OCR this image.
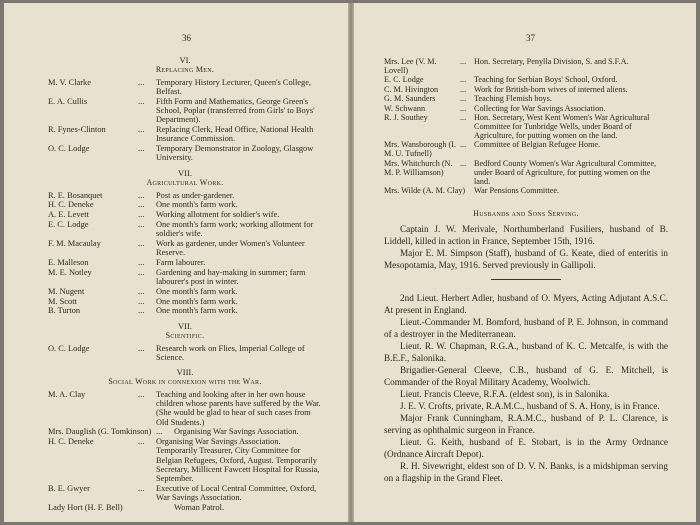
36
VI.
Replacing Men.
M. V. Clarke	...	Temporary History Lecturer, Queen's College, Belfast.
E. A. Cullis	...	Fifth Form and Mathematics, George Green's School, Poplar (transferred from Girls' to Boys' Department).
R. Fynes-Clinton	...	Replacing Clerk, Head Office, National Health Insurance Commission.
O. C. Lodge	...	Temporary Demonstrator in Zoology, Glasgow University.
VII.
Agricultural Work.
R. E. Bosanquet	...	Post as under-gardener.
H. C. Deneke	...	One month's farm work.
A. E. Levett	...	Working allotment for soldier's wife.
E. C. Lodge	...	One month's farm work; working allotment for soldier's wife.
F. M. Macaulay	...	Work as gardener, under Women's Volunteer Reserve.
E. Malleson	...	Farm labourer.
M. E. Notley	...	Gardening and hay-making in summer; farm labourer's post in winter.
M. Nugent	...	One month's farm work.
M. Scott	...	One month's farm work.
B. Turton	...	One month's farm work.
VII.
Scientific.
O. C. Lodge	...	Research work on Flies, Imperial College of Science.
VIII.
Social Work in connexion with the War.
M. A. Clay	...	Teaching and looking after in her own house children whose parents have suffered by the War. (She would be glad to hear of such cases from Old Students.)
Mrs. Dauglish (G. Tomkinson) ...	Organising War Savings Association.
H. C. Deneke	...	Organising War Savings Association. Temporarily Treasurer, City Committee for Belgian Refugees, Oxford, August. Temporarily Secretary, Millicent Fawcett Hospital for Russia, September.
B. E. Gwyer	...	Executive of Local Central Committee, Oxford, War Savings Association.
Lady Hort (H. F. Bell)	Woman Patrol.
37
Mrs. Lee (V. M. Lovell)
... Hon. Secretary, Penylla Division, S. and S.F.A.
E. C. Lodge	... Teaching for Serbian Boys' School, Oxford.
C. M. Hivington	... Work for British-born wives of interned aliens.
G. M. Saunders	... Teaching Flemish boys.
W. Schwann	... Collecting for War Savings Association.
R. J. Southey	... Hon. Secretary, West Kent Women's War Agricultural Committee for Tunbridge Wells, under Board of Agriculture, for putting women on the land.
Mrs. Wansborough (I. M. U. Tufnell)
... Committee of Belgian Refugee Home.
Mrs. Whitchurch (N. M. P. Williamson)
... Bedford County Women's War Agricultural Committee, under Board of Agriculture, for putting women on the land.
Mrs. Wilde (A. M. Clay)	War Pensions Committee.
Husbands and Sons Serving.

Captain J. W. Merivale, Northumberland Fusiliers, husband of B. Liddell, killed in action in France, September 15th, 1916.

Major E. M. Simpson (Staff), husband of G. Keate, died of enteritis in Mesopotamia, May, 1916. Served previously in Gallipoli.

2nd Lieut. Herbert Adler, husband of O. Myers, Acting Adjutant A.S.C. At present in England.

Lieut.-Commander M. Bomford, husband of P. E. Johnson, in command of a destroyer in the Mediterranean.

Lieut. R. W. Chapman, R.G.A., husband of K. C. Metcalfe, is with the B.E.F., Salonika.

Brigadier-General Cleeve, C.B., husband of G. E. Mitchell, is Commander of the Royal Military Academy, Woolwich.

Lieut. Francis Cleeve, R.F.A. (eldest son), is in Salonika.

J. E. V. Crofts, private, R.A.M.C., husband of S. A. Hony, is in France.

Major Frank Cunningham, R.A.M.C., husband of P. L. Clarence, is serving as ophthalmic surgeon in France.

Lieut. G. Keith, husband of E. Stobart, is in the Army Ordnance (Ordnance Aircraft Depot).

R. H. Sivewright, eldest son of D. V. N. Banks, is a midshipman serving on a flagship in the Grand Fleet.
